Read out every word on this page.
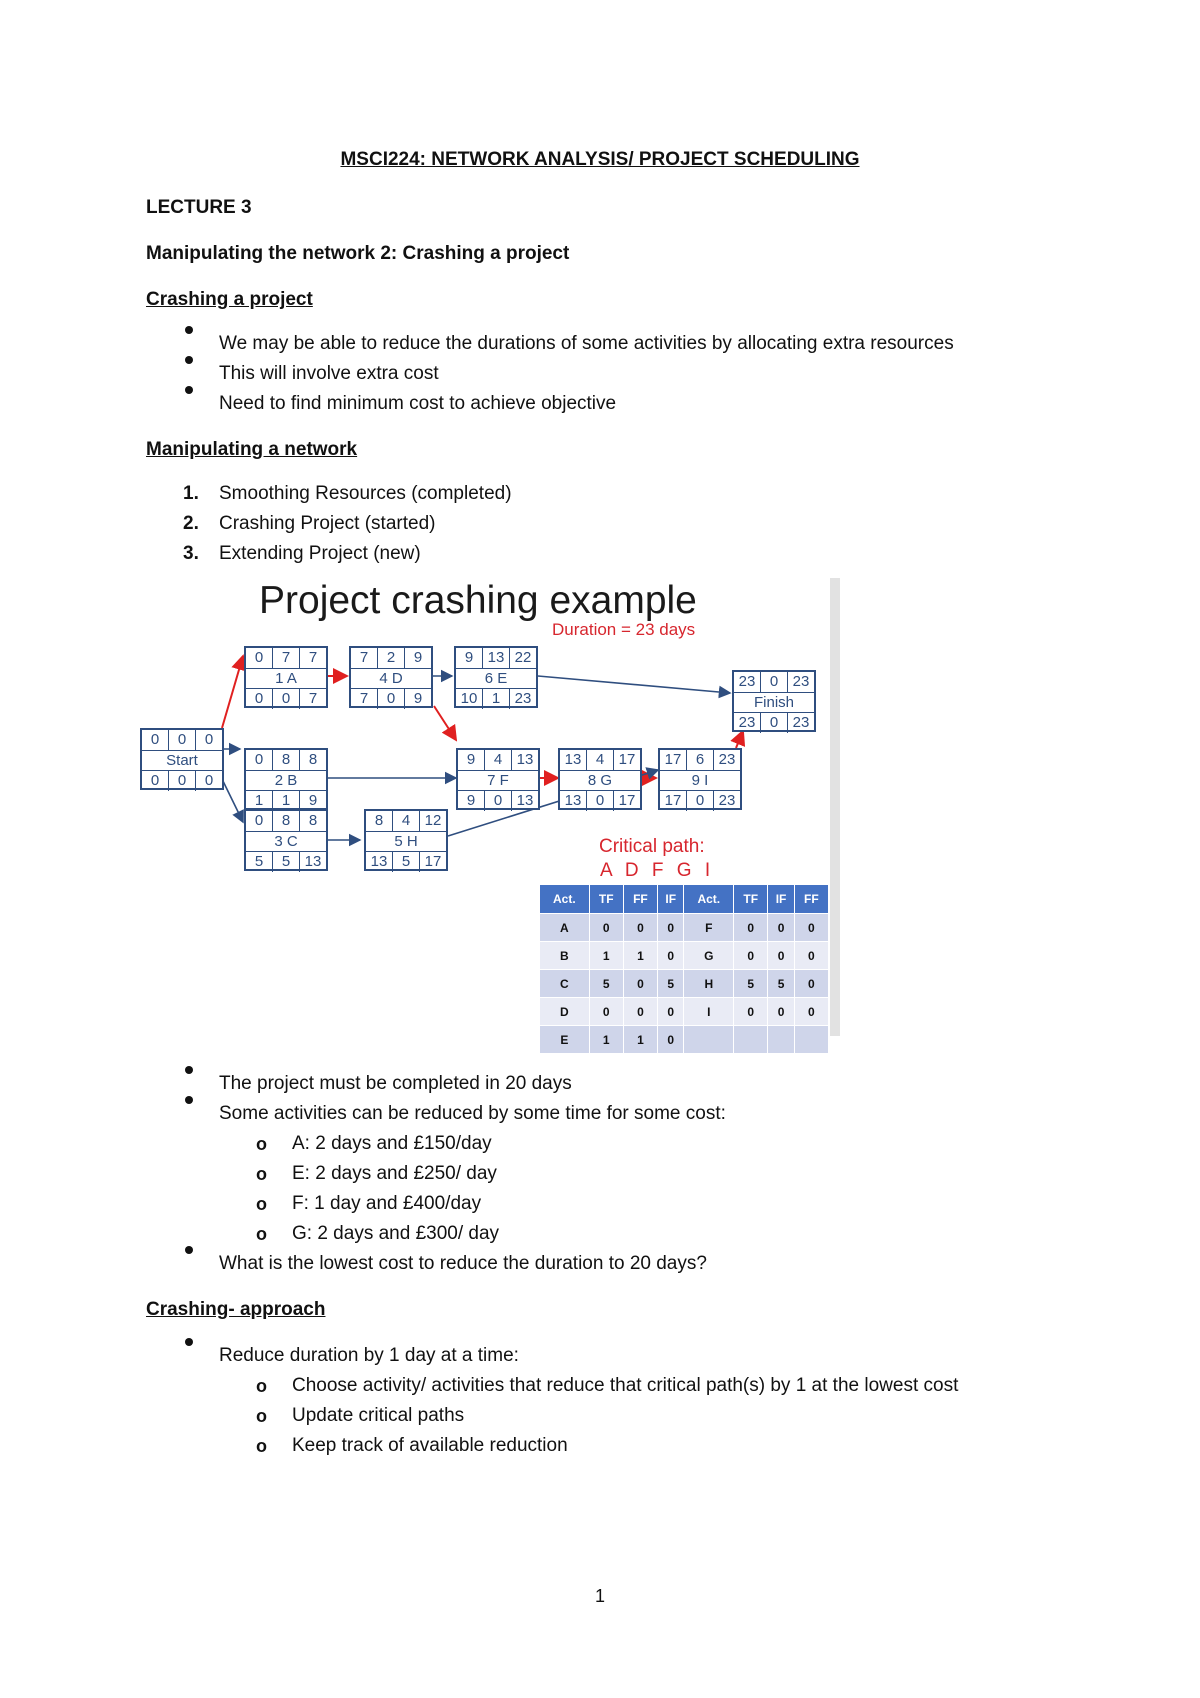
MSCI224: NETWORK ANALYSIS/ PROJECT SCHEDULING
LECTURE 3
Manipulating the network 2: Crashing a project
Crashing a project
We may be able to reduce the durations of some activities by allocating extra resources
This will involve extra cost
Need to find minimum cost to achieve objective
Manipulating a network
1. Smoothing Resources (completed)
2. Crashing Project (started)
3. Extending Project (new)
Project crashing example
Duration = 23 days
0	0	0
Start
0	0	0
0	7	7
1 A
0	0	7
0	8	8
2 B
1	1	9
0	8	8
3 C
5	5 13
7	2	9
4 D
7	0	9
9 13 22
6 E
10 1 23
9	4 13
7 F
9	0 13
13 4 17
8 G
13 0 17
8	4 12
5 H
13 5 17
17 6 23
9 I
17 0 23
23 0 23
Finish
23 0 23
Critical path:
A D F G I
Act.	TF	FF	IF	Act.	TF	IF	FF
A	0	0	0	F	0	0	0
B	1	1	0	G	0	0	0
C	5	0	5	H	5	5	0
D	0	0	0	I	0	0	0
E	1	1	0				
The project must be completed in 20 days
Some activities can be reduced by some time for some cost:
o A: 2 days and £150/day
o E: 2 days and £250/ day
o F: 1 day and £400/day
o G: 2 days and £300/ day
What is the lowest cost to reduce the duration to 20 days?
Crashing- approach
Reduce duration by 1 day at a time:
o Choose activity/ activities that reduce that critical path(s) by 1 at the lowest cost
o Update critical paths
o Keep track of available reduction
1
